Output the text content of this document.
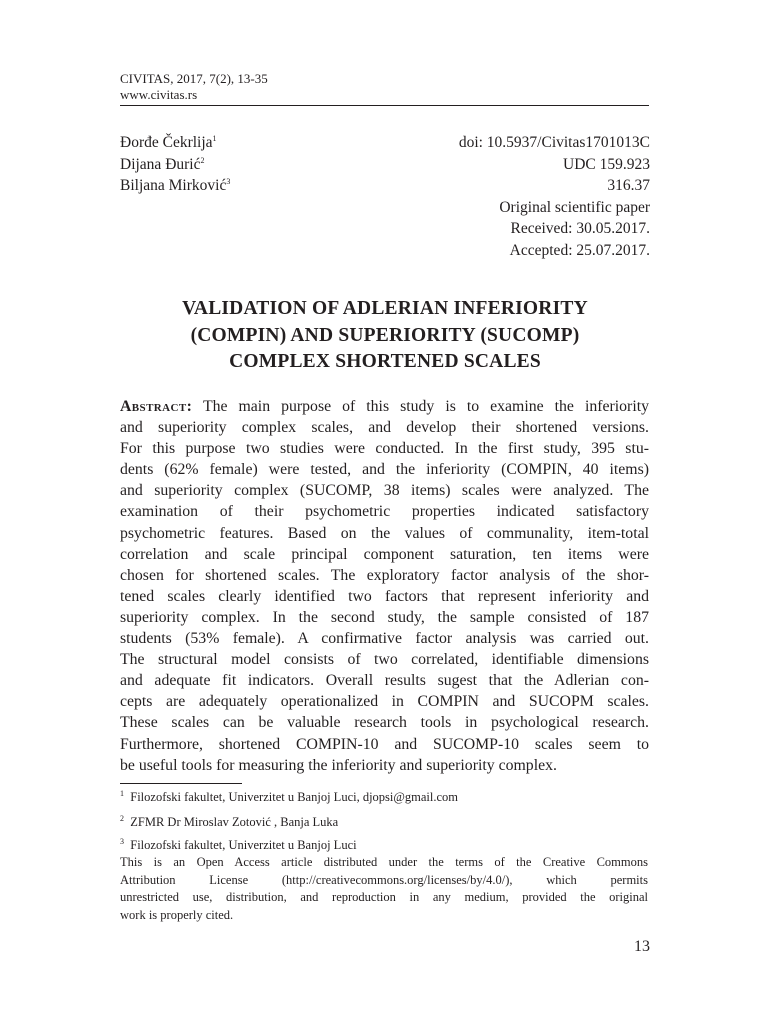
CIVITAS, 2017, 7(2), 13-35
www.civitas.rs
Đorđe Čekrlija$^1$
Dijana Đurić$^2$
Biljana Mirković$^3$
doi: 10.5937/Civitas1701013C
UDC 159.923
316.37
Original scientific paper
Received: 30.05.2017.
Accepted: 25.07.2017.
VALIDATION OF ADLERIAN INFERIORITY
(COMPIN) AND SUPERIORITY (SUCOMP)
COMPLEX SHORTENED SCALES
Abstract: The main purpose of this study is to examine the inferiority
and superiority complex scales, and develop their shortened versions.
For this purpose two studies were conducted. In the first study, 395 stu-
dents (62% female) were tested, and the inferiority (COMPIN, 40 items)
and superiority complex (SUCOMP, 38 items) scales were analyzed. The
examination of their psychometric properties indicated satisfactory
psychometric features. Based on the values of communality, item-total
correlation and scale principal component saturation, ten items were
chosen for shortened scales. The exploratory factor analysis of the shor-
tened scales clearly identified two factors that represent inferiority and
superiority complex. In the second study, the sample consisted of 187
students (53% female). A confirmative factor analysis was carried out.
The structural model consists of two correlated, identifiable dimensions
and adequate fit indicators. Overall results sugest that the Adlerian con-
cepts are adequately operationalized in COMPIN and SUCOPM scales.
These scales can be valuable research tools in psychological research.
Furthermore, shortened COMPIN-10 and SUCOMP-10 scales seem to
be useful tools for measuring the inferiority and superiority complex.
$^1$ Filozofski fakultet, Univerzitet u Banjoj Luci, djopsi@gmail.com
$^2$ ZFMR Dr Miroslav Zotović , Banja Luka
$^3$ Filozofski fakultet, Univerzitet u Banjoj Luci
This is an Open Access article distributed under the terms of the Creative Commons
Attribution License (http://creativecommons.org/licenses/by/4.0/), which permits
unrestricted use, distribution, and reproduction in any medium, provided the original
work is properly cited.
13
